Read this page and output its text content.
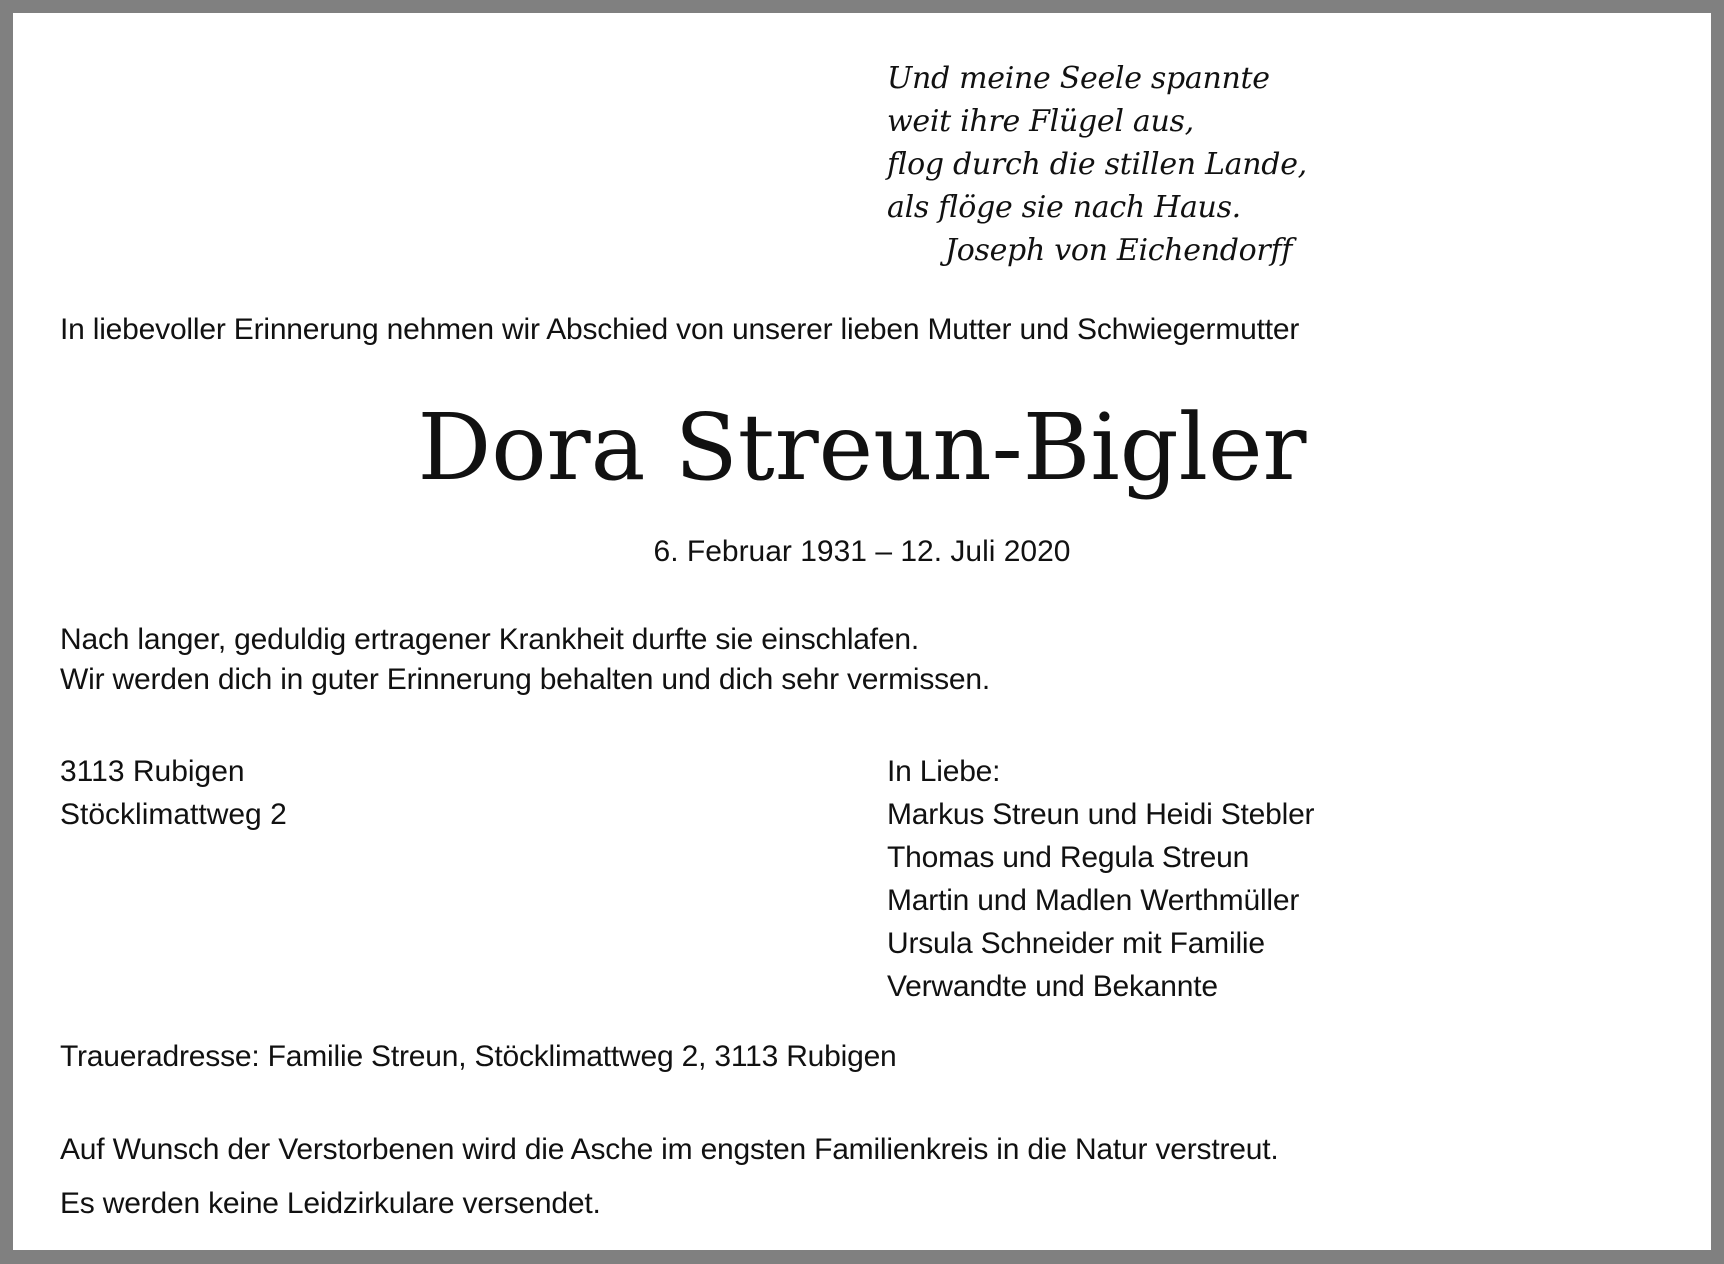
Und meine Seele spannte
weit ihre Flügel aus,
flog durch die stillen Lande,
als flöge sie nach Haus.
Joseph von Eichendorff
In liebevoller Erinnerung nehmen wir Abschied von unserer lieben Mutter und Schwiegermutter
Dora Streun-Bigler
6. Februar 1931 – 12. Juli 2020
Nach langer, geduldig ertragener Krankheit durfte sie einschlafen.
Wir werden dich in guter Erinnerung behalten und dich sehr vermissen.
3113 Rubigen
Stöcklimattweg 2
In Liebe:
Markus Streun und Heidi Stebler
Thomas und Regula Streun
Martin und Madlen Werthmüller
Ursula Schneider mit Familie
Verwandte und Bekannte
Traueradresse: Familie Streun, Stöcklimattweg 2, 3113 Rubigen
Auf Wunsch der Verstorbenen wird die Asche im engsten Familienkreis in die Natur verstreut.
Es werden keine Leidzirkulare versendet.
